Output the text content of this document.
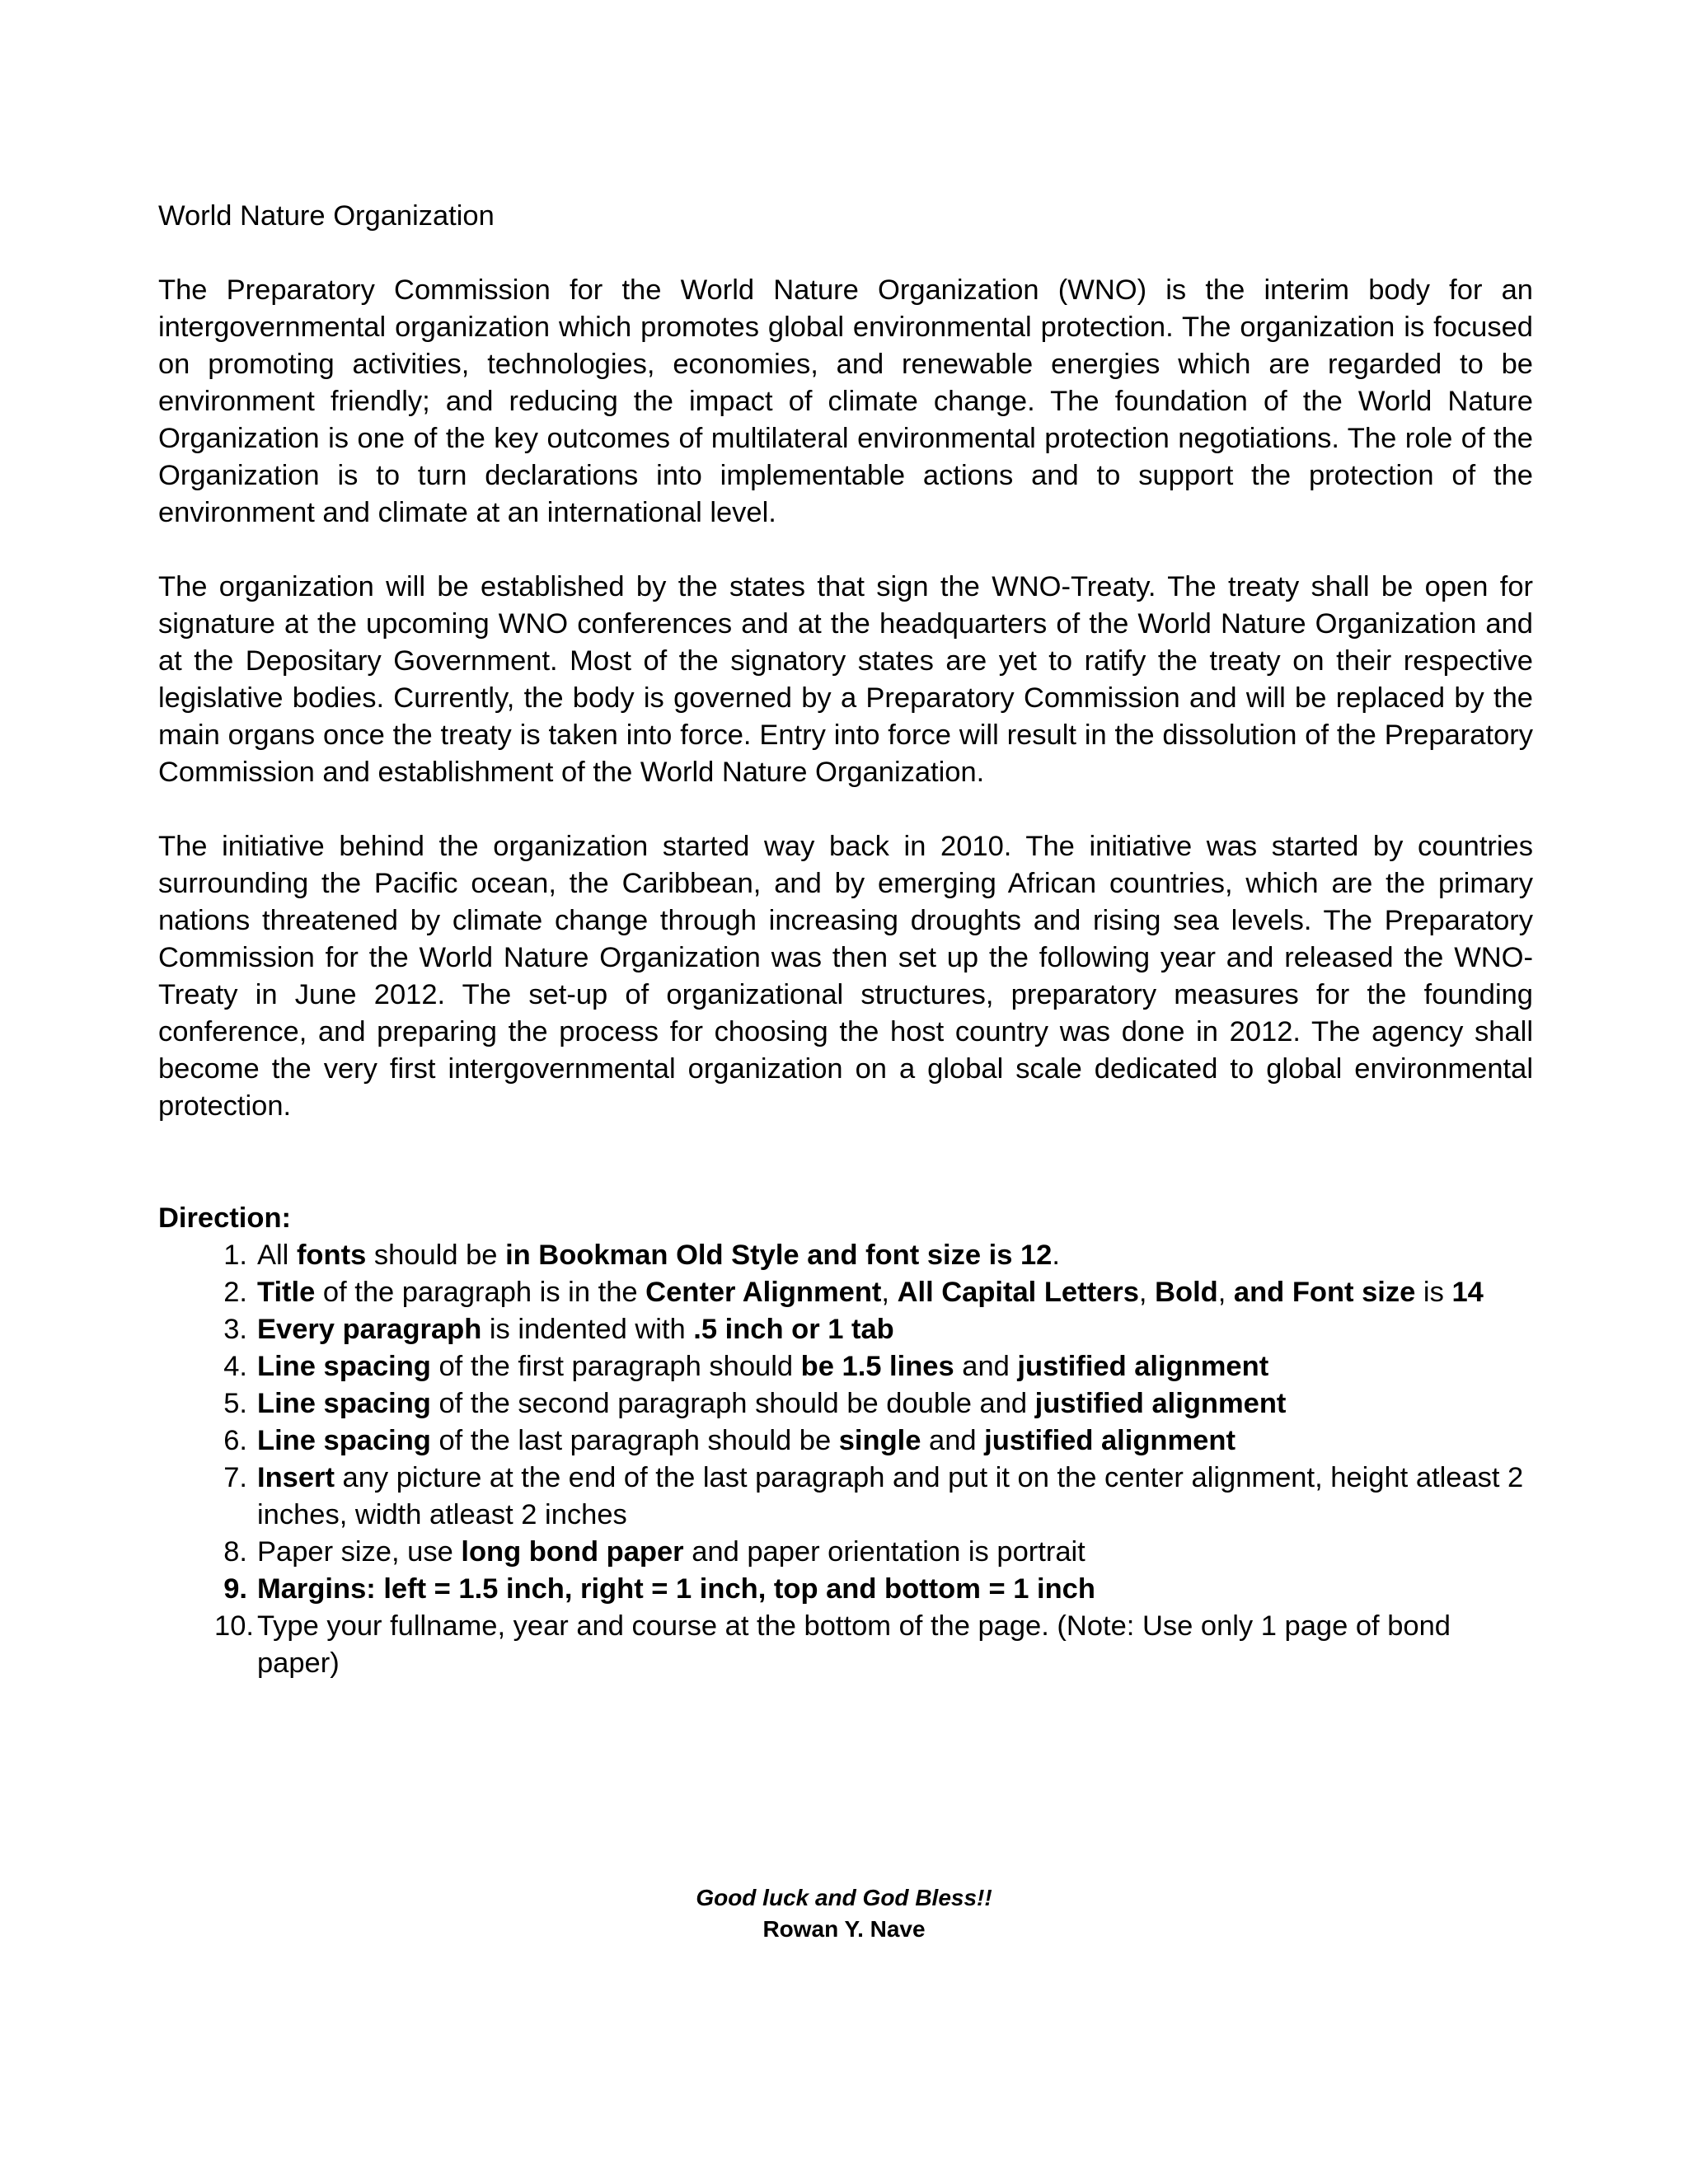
World Nature Organization

The Preparatory Commission for the World Nature Organization (WNO) is the interim body for an intergovernmental organization which promotes global environmental protection. The organization is focused on promoting activities, technologies, economies, and renewable energies which are regarded to be environment friendly; and reducing the impact of climate change. The foundation of the World Nature Organization is one of the key outcomes of multilateral environmental protection negotiations. The role of the Organization is to turn declarations into implementable actions and to support the protection of the environment and climate at an international level.

The organization will be established by the states that sign the WNO-Treaty. The treaty shall be open for signature at the upcoming WNO conferences and at the headquarters of the World Nature Organization and at the Depositary Government. Most of the signatory states are yet to ratify the treaty on their respective legislative bodies. Currently, the body is governed by a Preparatory Commission and will be replaced by the main organs once the treaty is taken into force. Entry into force will result in the dissolution of the Preparatory Commission and establishment of the World Nature Organization.

The initiative behind the organization started way back in 2010. The initiative was started by countries surrounding the Pacific ocean, the Caribbean, and by emerging African countries, which are the primary nations threatened by climate change through increasing droughts and rising sea levels. The Preparatory Commission for the World Nature Organization was then set up the following year and released the WNO-Treaty in June 2012. The set-up of organizational structures, preparatory measures for the founding conference, and preparing the process for choosing the host country was done in 2012. The agency shall become the very first intergovernmental organization on a global scale dedicated to global environmental protection.

Direction:

1. All fonts should be in Bookman Old Style and font size is 12.
2. Title of the paragraph is in the Center Alignment, All Capital Letters, Bold, and Font size is 14
3. Every paragraph is indented with .5 inch or 1 tab
4. Line spacing of the first paragraph should be 1.5 lines and justified alignment
5. Line spacing of the second paragraph should be double and justified alignment
6. Line spacing of the last paragraph should be single and justified alignment
7. Insert any picture at the end of the last paragraph and put it on the center alignment, height atleast 2 inches, width atleast 2 inches
8. Paper size, use long bond paper and paper orientation is portrait
9. Margins: left = 1.5 inch, right = 1 inch, top and bottom = 1 inch
10. Type your fullname, year and course at the bottom of the page. (Note: Use only 1 page of bond paper)
Good luck and God Bless!!
Rowan Y. Nave
